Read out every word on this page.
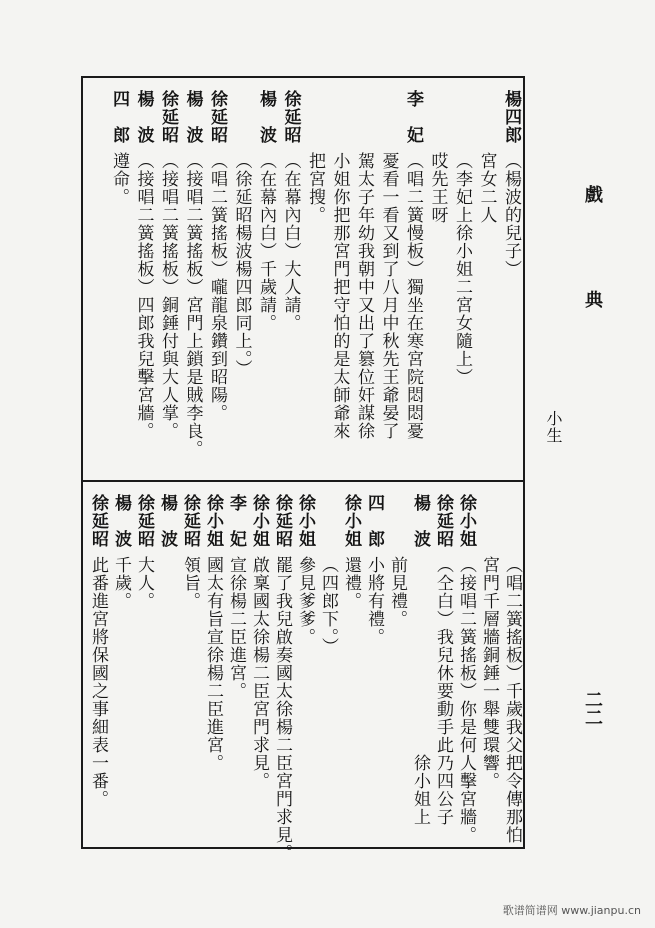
戲
典
二二
楊四郎
（楊波的兒子）
宮女二人
（李妃上徐小姐二宮女隨上）
哎先王呀
李　妃
（唱二簧慢板）獨坐在寒宮院悶悶憂
憂看一看又到了八月中秋先王爺晏了
駕太子年幼我朝中又出了篡位奸謀徐
小姐你把那宮門把守怕的是太師爺來
把宮搜。
徐延昭
（在幕內白）大人請。
楊　波
（在幕內白）千歲請。
（徐延昭楊波楊四郎同上。）
徐延昭
（唱二簧搖板）嚨龍泉鑽到昭陽。
楊　波
（接唱二簧搖板）宮門上鎖是賊李良。
徐延昭
（接唱二簧搖板）銅錘付與大人掌。
楊　波
（接唱二簧搖板）四郎我兒擊宮牆。
四　郎
遵命。
小生
（唱二簧搖板）千歲我父把令傳那怕
宮門千層牆銅錘一舉雙環響。
徐小姐
（接唱二簧搖板）你是何人擊宮牆。
徐延昭
（仝白）我兒休要動手此乃四公子
楊　波
　　　　　　　　　　　徐小姐上
前見禮。
四　郎
小將有禮。
徐小姐
還禮。
（四郎下。）
徐小姐
參見爹爹。
徐延昭
罷了我兒啟奏國太徐楊二臣宮門求見。
徐小姐
啟稟國太徐楊二臣宮門求見。
李　妃
宣徐楊二臣進宮。
徐小姐
國太有旨宣徐楊二臣進宮。
徐延昭
領旨。
楊　波
徐延昭
大人。
楊　波
千歲。
徐延昭
此番進宮將保國之事細表一番。
歌谱简谱网 www.jianpu.cn
